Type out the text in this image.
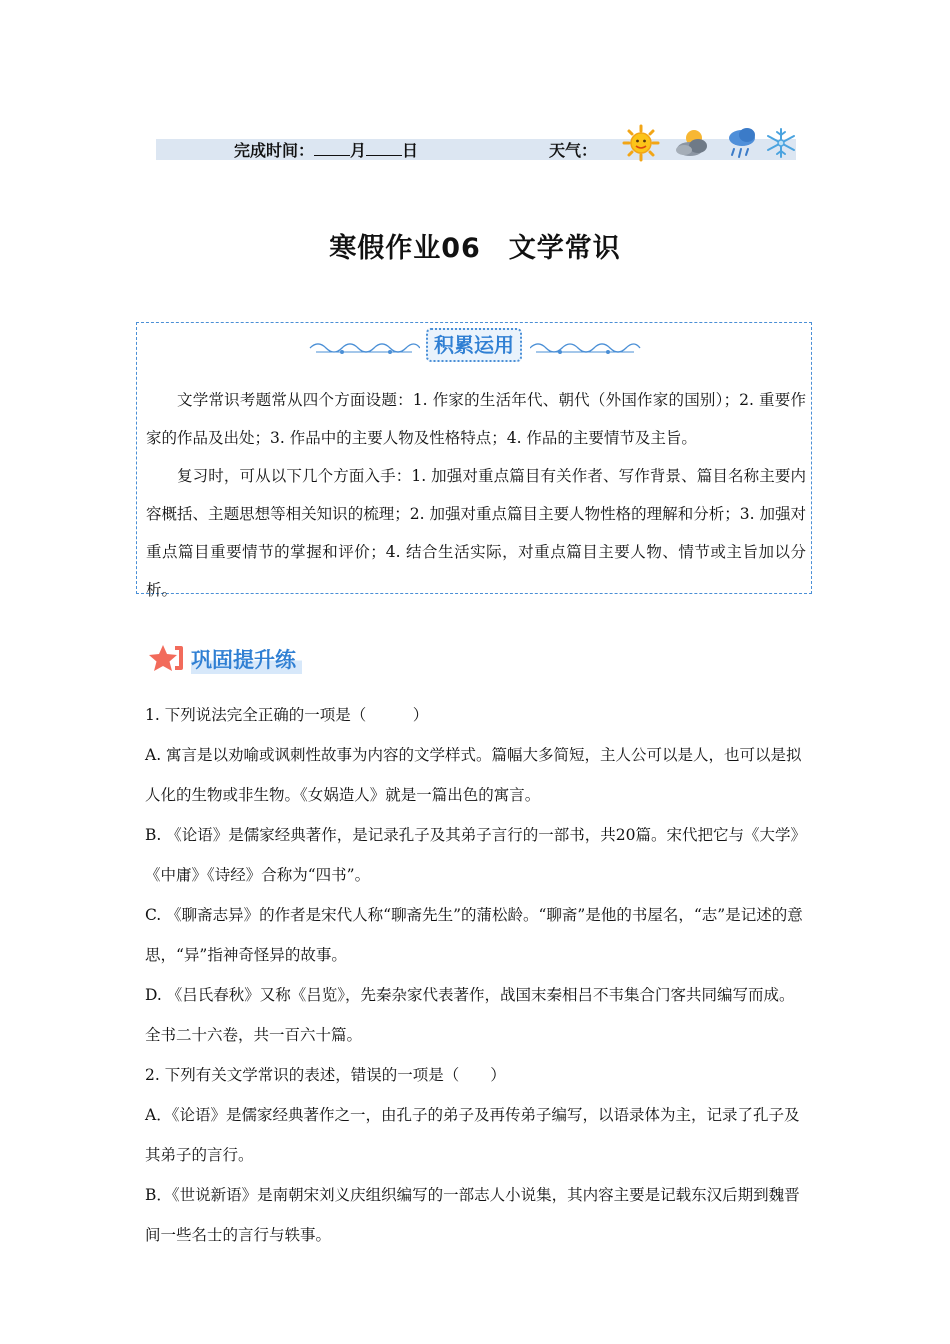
完成时间： 月 日	天气：
寒假作业06　文学常识
积累运用

文学常识考题常从四个方面设题：1. 作家的生活年代、朝代（外国作家的国别）；2. 重要作家的作品及出处；3. 作品中的主要人物及性格特点；4. 作品的主要情节及主旨。

复习时，可从以下几个方面入手：1. 加强对重点篇目有关作者、写作背景、篇目名称主要内容概括、主题思想等相关知识的梳理；2. 加强对重点篇目主要人物性格的理解和分析；3. 加强对重点篇目重要情节的掌握和评价；4. 结合生活实际，对重点篇目主要人物、情节或主旨加以分析。

巩固提升练

1. 下列说法完全正确的一项是（　　　）

A. 寓言是以劝喻或讽刺性故事为内容的文学样式。篇幅大多简短，主人公可以是人，也可以是拟人化的生物或非生物。《女娲造人》就是一篇出色的寓言。

B. 《论语》是儒家经典著作，是记录孔子及其弟子言行的一部书，共20篇。宋代把它与《大学》《中庸》《诗经》合称为“四书”。

C. 《聊斋志异》的作者是宋代人称“聊斋先生”的蒲松龄。“聊斋”是他的书屋名，“志”是记述的意思，“异”指神奇怪异的故事。

D. 《吕氏春秋》又称《吕览》，先秦杂家代表著作，战国末秦相吕不韦集合门客共同编写而成。全书二十六卷，共一百六十篇。

2. 下列有关文学常识的表述，错误的一项是（　　）

A．《论语》是儒家经典著作之一，由孔子的弟子及再传弟子编写，以语录体为主，记录了孔子及其弟子的言行。

B．《世说新语》是南朝宋刘义庆组织编写的一部志人小说集，其内容主要是记载东汉后期到魏晋间一些名士的言行与轶事。
